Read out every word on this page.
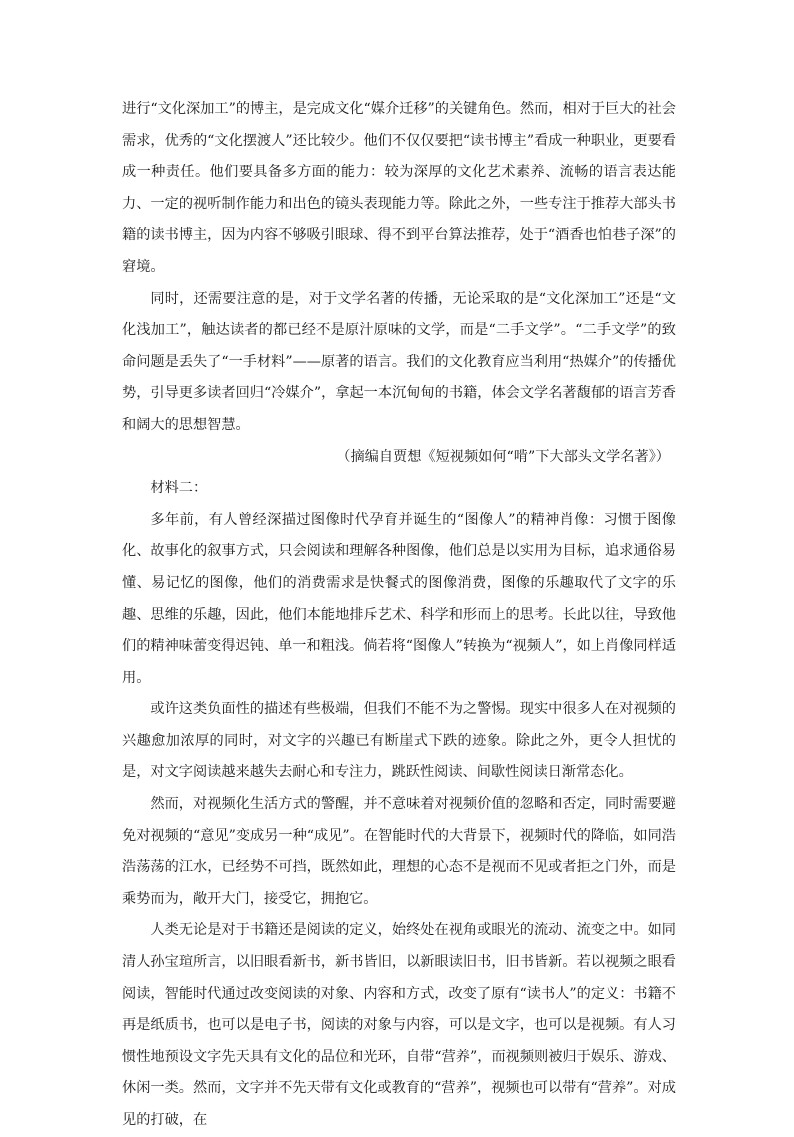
进行“文化深加工”的博主，是完成文化“媒介迁移”的关键角色。然而，相对于巨大的社会需求，优秀的“文化摆渡人”还比较少。他们不仅仅要把“读书博主”看成一种职业，更要看成一种责任。他们要具备多方面的能力：较为深厚的文化艺术素养、流畅的语言表达能力、一定的视听制作能力和出色的镜头表现能力等。除此之外，一些专注于推荐大部头书籍的读书博主，因为内容不够吸引眼球、得不到平台算法推荐，处于“酒香也怕巷子深”的窘境。

同时，还需要注意的是，对于文学名著的传播，无论采取的是“文化深加工”还是“文化浅加工”，触达读者的都已经不是原汁原味的文学，而是“二手文学”。“二手文学”的致命问题是丢失了“一手材料”——原著的语言。我们的文化教育应当利用“热媒介”的传播优势，引导更多读者回归“冷媒介”，拿起一本沉甸甸的书籍，体会文学名著馥郁的语言芳香和阔大的思想智慧。

（摘编自贾想《短视频如何“啃”下大部头文学名著》）

材料二：

多年前，有人曾经深描过图像时代孕育并诞生的“图像人”的精神肖像：习惯于图像化、故事化的叙事方式，只会阅读和理解各种图像，他们总是以实用为目标，追求通俗易懂、易记忆的图像，他们的消费需求是快餐式的图像消费，图像的乐趣取代了文字的乐趣、思维的乐趣，因此，他们本能地排斥艺术、科学和形而上的思考。长此以往，导致他们的精神味蕾变得迟钝、单一和粗浅。倘若将“图像人”转换为“视频人”，如上肖像同样适用。

或许这类负面性的描述有些极端，但我们不能不为之警惕。现实中很多人在对视频的兴趣愈加浓厚的同时，对文字的兴趣已有断崖式下跌的迹象。除此之外，更令人担忧的是，对文字阅读越来越失去耐心和专注力，跳跃性阅读、间歇性阅读日渐常态化。

然而，对视频化生活方式的警醒，并不意味着对视频价值的忽略和否定，同时需要避免对视频的“意见”变成另一种“成见”。在智能时代的大背景下，视频时代的降临，如同浩浩荡荡的江水，已经势不可挡，既然如此，理想的心态不是视而不见或者拒之门外，而是乘势而为，敞开大门，接受它，拥抱它。

人类无论是对于书籍还是阅读的定义，始终处在视角或眼光的流动、流变之中。如同清人孙宝瑄所言，以旧眼看新书，新书皆旧，以新眼读旧书，旧书皆新。若以视频之眼看阅读，智能时代通过改变阅读的对象、内容和方式，改变了原有“读书人”的定义：书籍不再是纸质书，也可以是电子书，阅读的对象与内容，可以是文字，也可以是视频。有人习惯性地预设文字先天具有文化的品位和光环，自带“营养”，而视频则被归于娱乐、游戏、休闲一类。然而，文字并不先天带有文化或教育的“营养”，视频也可以带有“营养”。对成见的打破，在
